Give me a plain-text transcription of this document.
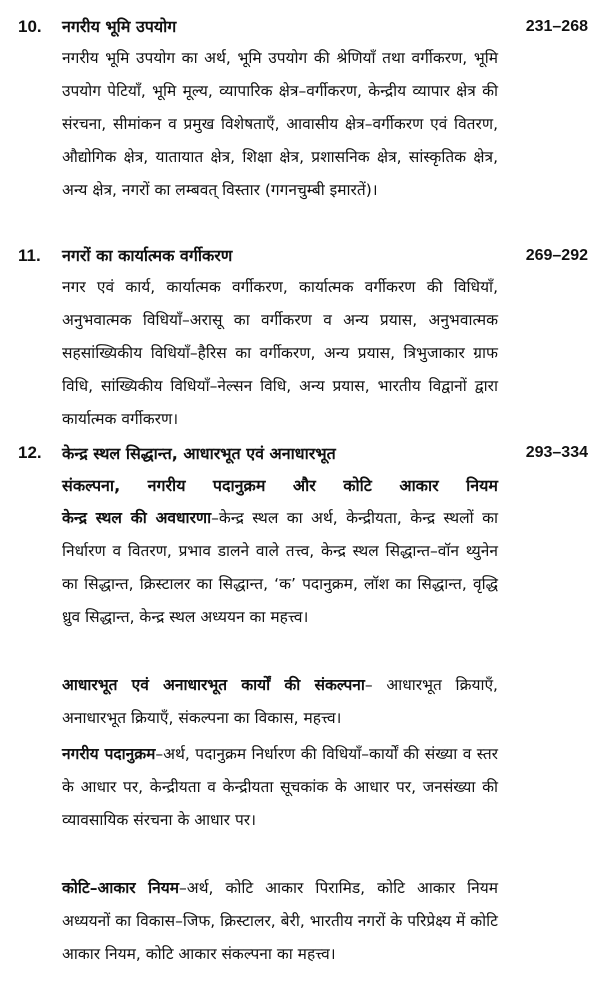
10. नगरीय भूमि उपयोग	231–268
नगरीय भूमि उपयोग का अर्थ, भूमि उपयोग की श्रेणियाँ तथा वर्गीकरण, भूमि उपयोग पेटियाँ, भूमि मूल्य, व्यापारिक क्षेत्र–वर्गीकरण, केन्द्रीय व्यापार क्षेत्र की संरचना, सीमांकन व प्रमुख विशेषताएँ, आवासीय क्षेत्र–वर्गीकरण एवं वितरण, औद्योगिक क्षेत्र, यातायात क्षेत्र, शिक्षा क्षेत्र, प्रशासनिक क्षेत्र, सांस्कृतिक क्षेत्र, अन्य क्षेत्र, नगरों का लम्बवत् विस्तार (गगनचुम्बी इमारतें)।
11. नगरों का कार्यात्मक वर्गीकरण	269–292
नगर एवं कार्य, कार्यात्मक वर्गीकरण, कार्यात्मक वर्गीकरण की विधियाँ, अनुभवात्मक विधियाँ–अरासू का वर्गीकरण व अन्य प्रयास, अनुभवात्मक सहसांख्यिकीय विधियाँ–हैरिस का वर्गीकरण, अन्य प्रयास, त्रिभुजाकार ग्राफ विधि, सांख्यिकीय विधियाँ–नेल्सन विधि, अन्य प्रयास, भारतीय विद्वानों द्वारा कार्यात्मक वर्गीकरण।
12. केन्द्र स्थल सिद्धान्त, आधारभूत एवं अनाधारभूत
संकल्पना, नगरीय पदानुक्रम और कोटि आकार नियम
293–334
केन्द्र स्थल की अवधारणा–केन्द्र स्थल का अर्थ, केन्द्रीयता, केन्द्र स्थलों का निर्धारण व वितरण, प्रभाव डालने वाले तत्त्व, केन्द्र स्थल सिद्धान्त–वॉन थ्युनेन का सिद्धान्त, क्रिस्टालर का सिद्धान्त, ‘क’ पदानुक्रम, लॉश का सिद्धान्त, वृद्धि ध्रुव सिद्धान्त, केन्द्र स्थल अध्ययन का महत्त्व।
आधारभूत एवं अनाधारभूत कार्यों की संकल्पना– आधारभूत क्रियाएँ, अनाधारभूत क्रियाएँ, संकल्पना का विकास, महत्त्व।
नगरीय पदानुक्रम–अर्थ, पदानुक्रम निर्धारण की विधियाँ–कार्यों की संख्या व स्तर के आधार पर, केन्द्रीयता व केन्द्रीयता सूचकांक के आधार पर, जनसंख्या की व्यावसायिक संरचना के आधार पर।
कोटि–आकार नियम–अर्थ, कोटि आकार पिरामिड, कोटि आकार नियम अध्ययनों का विकास–जिफ, क्रिस्टालर, बेरी, भारतीय नगरों के परिप्रेक्ष्य में कोटि आकार नियम, कोटि आकार संकल्पना का महत्त्व।
